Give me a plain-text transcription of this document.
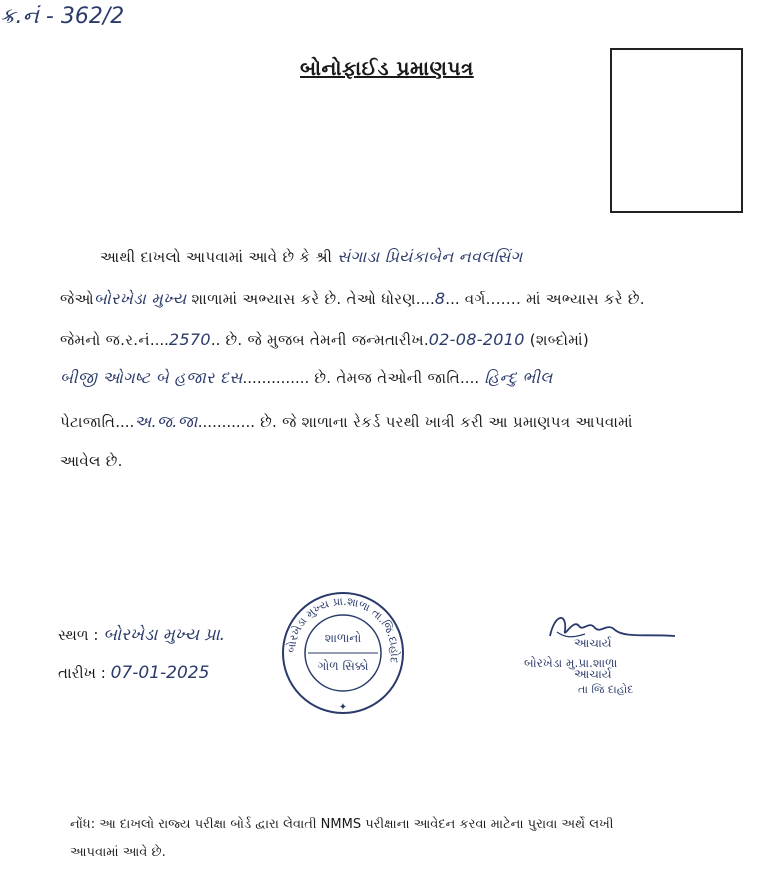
ક્ર.નં - 362/2
બોનોફાઈડ પ્રમાણપત્ર
આથી દાખલો આપવામાં આવે છે કે શ્રી સંગાડા પ્રિયંકાબેન નવલસિંગ
જેઓબોરખેડા મુખ્ય શાળામાં અભ્યાસ કરે છે. તેઓ ધોરણ....8... વર્ગ....... માં અભ્યાસ કરે છે.
જેમનો જ.ર.નં....2570.. છે. જે મુજબ તેમની જન્મતારીખ.02-08-2010 (શબ્દોમાં)
બીજી ઓગષ્ટ બે હજાર દસ.............. છે. તેમજ તેઓની જાતિ.... હિન્દુ ભીલ
પેટાજાતિ....અ.જ.જા............ છે. જે શાળાના રેકર્ડ પરથી ખાત્રી કરી આ પ્રમાણપત્ર આપવામાં
આવેલ છે.
સ્થળ : બોરખેડા મુખ્ય પ્રા.
તારીખ : 07-01-2025
બોરખેડા મુખ્ય પ્રા.શાળા તા.જિ.દાહોદ
શાળાનો
ગોળ સિક્કો
✦
આચાર્ય
બોરખેડા મુ.પ્રા.શાળા
આચાર્ય
તા જિ દાહોદ
નોંધ: આ દાખલો રાજ્ય પરીક્ષા બોર્ડ દ્વારા લેવાતી NMMS પરીક્ષાના આવેદન કરવા માટેના પુરાવા અર્થે લખી
આપવામાં આવે છે.
